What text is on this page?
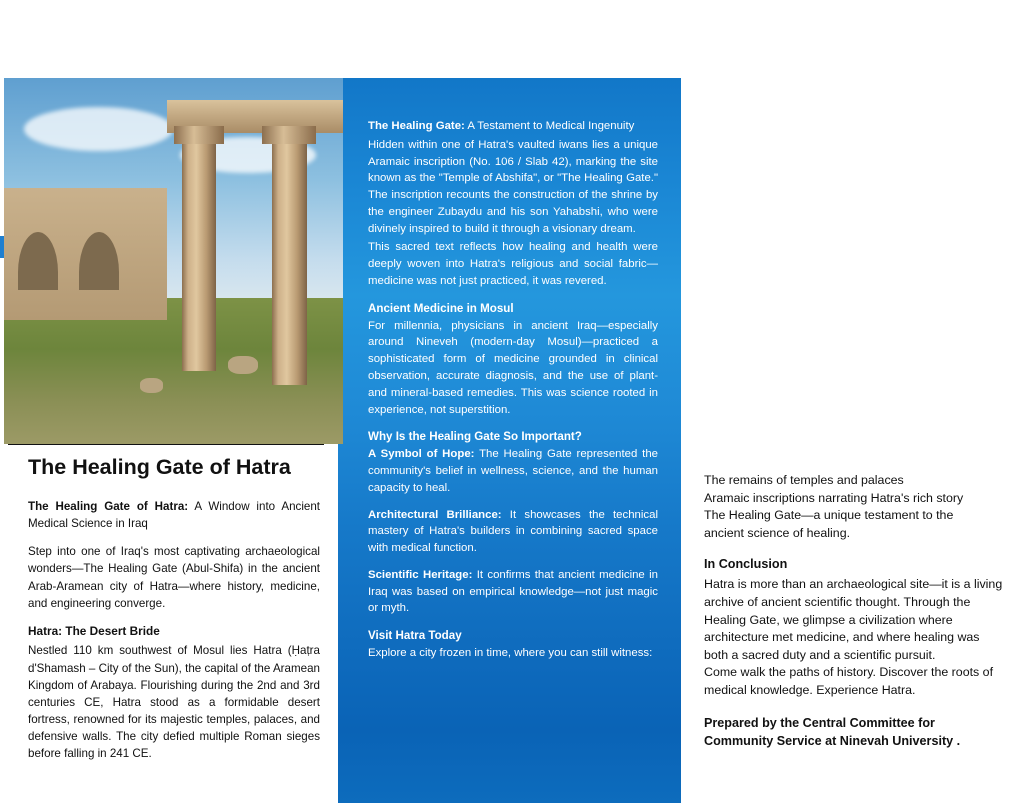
The Healing Gate of Hatra

The Healing Gate of Hatra: A Window into Ancient Medical Science in Iraq

Step into one of Iraq's most captivating archaeological wonders—The Healing Gate (Abul-Shifa) in the ancient Arab-Aramean city of Hatra—where history, medicine, and engineering converge.

Hatra: The Desert Bride

Nestled 110 km southwest of Mosul lies Hatra (Ḥaṭra d'Shamash – City of the Sun), the capital of the Aramean Kingdom of Arabaya. Flourishing during the 2nd and 3rd centuries CE, Hatra stood as a formidable desert fortress, renowned for its majestic temples, palaces, and defensive walls. The city defied multiple Roman sieges before falling in 241 CE.

The Healing Gate: A Testament to Medical Ingenuity

Hidden within one of Hatra's vaulted iwans lies a unique Aramaic inscription (No. 106 / Slab 42), marking the site known as the "Temple of Abshifa", or "The Healing Gate." The inscription recounts the construction of the shrine by the engineer Zubaydu and his son Yahabshi, who were divinely inspired to build it through a visionary dream.

This sacred text reflects how healing and health were deeply woven into Hatra's religious and social fabric—medicine was not just practiced, it was revered.

Ancient Medicine in Mosul

For millennia, physicians in ancient Iraq—especially around Nineveh (modern-day Mosul)—practiced a sophisticated form of medicine grounded in clinical observation, accurate diagnosis, and the use of plant- and mineral-based remedies. This was science rooted in experience, not superstition.

Why Is the Healing Gate So Important?

A Symbol of Hope: The Healing Gate represented the community's belief in wellness, science, and the human capacity to heal.

Architectural Brilliance: It showcases the technical mastery of Hatra's builders in combining sacred space with medical function.

Scientific Heritage: It confirms that ancient medicine in Iraq was based on empirical knowledge—not just magic or myth.

Visit Hatra Today

Explore a city frozen in time, where you can still witness:

The remains of temples and palaces

Aramaic inscriptions narrating Hatra's rich story

The Healing Gate—a unique testament to the

ancient science of healing.

In Conclusion

Hatra is more than an archaeological site—it is a living archive of ancient scientific thought. Through the Healing Gate, we glimpse a civilization where architecture met medicine, and where healing was both a sacred duty and a scientific pursuit.

Come walk the paths of history. Discover the roots of medical knowledge. Experience Hatra.

Prepared by the Central Committee for
Community Service at Ninevah University .
